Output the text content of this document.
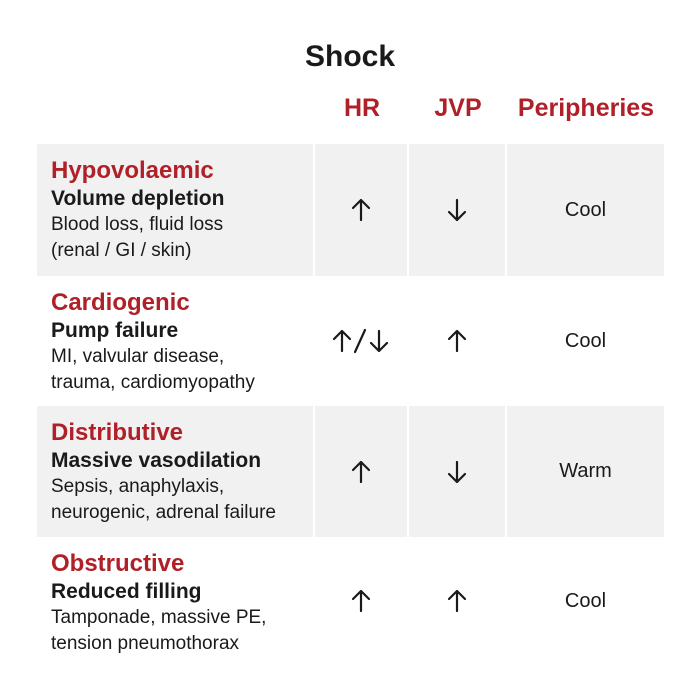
Shock
HR	JVP	Peripheries
Hypovolaemic
Volume depletion
Blood loss, fluid loss
(renal / GI / skin)
Cool
Cardiogenic
Pump failure
MI, valvular disease,
trauma, cardiomyopathy
Cool
Distributive
Massive vasodilation
Sepsis, anaphylaxis,
neurogenic, adrenal failure
Warm
Obstructive
Reduced filling
Tamponade, massive PE,
tension pneumothorax
Cool
